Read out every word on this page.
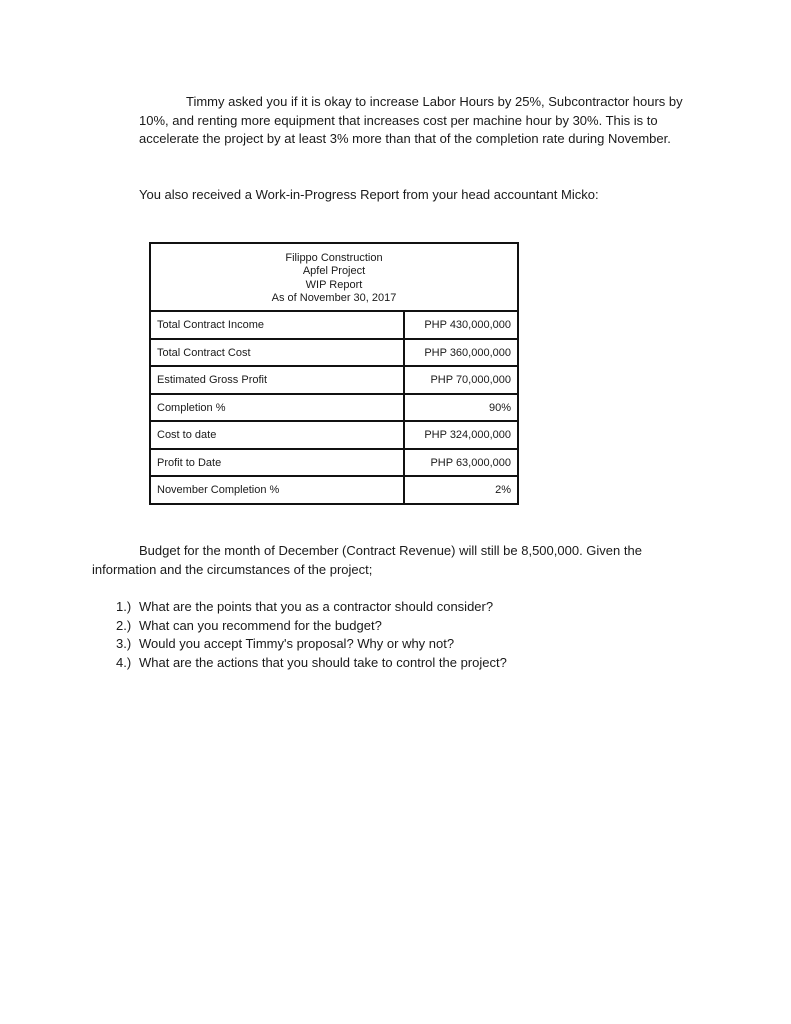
Timmy asked you if it is okay to increase Labor Hours by 25%, Subcontractor hours by 10%, and renting more equipment that increases cost per machine hour by 30%. This is to accelerate the project by at least 3% more than that of the completion rate during November.

You also received a Work-in-Progress Report from your head accountant Micko:

Filippo Construction
Apfel Project
WIP Report
As of November 30, 2017
Total Contract Income	PHP 430,000,000
Total Contract Cost	PHP 360,000,000
Estimated Gross Profit	PHP 70,000,000
Completion %	90%
Cost to date	PHP 324,000,000
Profit to Date	PHP 63,000,000
November Completion %	2%

Budget for the month of December (Contract Revenue) will still be 8,500,000. Given the information and the circumstances of the project;

1.) What are the points that you as a contractor should consider?
2.) What can you recommend for the budget?
3.) Would you accept Timmy's proposal? Why or why not?
4.) What are the actions that you should take to control the project?
